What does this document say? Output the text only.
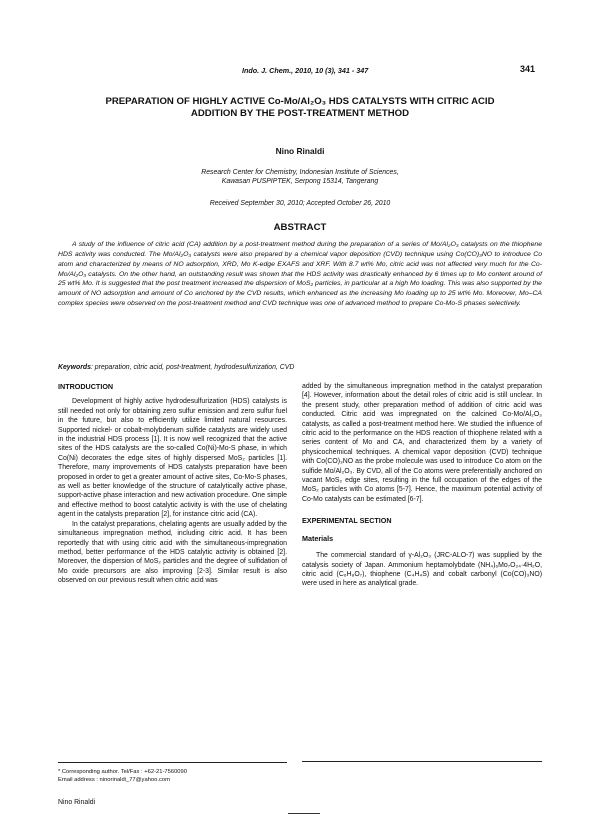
Indo. J. Chem., 2010, 10 (3), 341 - 347	341
PREPARATION OF HIGHLY ACTIVE Co-Mo/Al₂O₃ HDS CATALYSTS WITH CITRIC ACID
ADDITION BY THE POST-TREATMENT METHOD
Nino Rinaldi
Research Center for Chemistry, Indonesian Institute of Sciences,
Kawasan PUSPIPTEK, Serpong 15314, Tangerang
Received September 30, 2010; Accepted October 26, 2010
ABSTRACT

A study of the influence of citric acid (CA) addition by a post-treatment method during the preparation of a series of Mo/Al₂O₃ catalysts on the thiophene HDS activity was conducted. The Mo/Al₂O₃ catalysts were also prepared by a chemical vapor deposition (CVD) technique using Co(CO)₃NO to introduce Co atom and characterized by means of NO adsorption, XRD, Mo K-edge EXAFS and XRF. With 8.7 wt% Mo, citric acid was not affected very much for the Co-Mo/Al₂O₃ catalysts. On the other hand, an outstanding result was shown that the HDS activity was drastically enhanced by 6 times up to Mo content around of 25 wt% Mo. It is suggested that the post treatment increased the dispersion of MoS₂ particles, in particular at a high Mo loading. This was also supported by the amount of NO adsorption and amount of Co anchored by the CVD results, which enhanced as the increasing Mo loading up to 25 wt% Mo. Moreover, Mo–CA complex species were observed on the post-treatment method and CVD technique was one of advanced method to prepare Co-Mo-S phases selectively.

Keywords: preparation, citric acid, post-treatment, hydrodesulfurization, CVD
INTRODUCTION

Development of highly active hydrodesulfurization (HDS) catalysts is still needed not only for obtaining zero sulfur emission and zero sulfur fuel in the future, but also to efficiently utilize limited natural resources. Supported nickel- or cobalt-molybdenum sulfide catalysts are widely used in the industrial HDS process [1]. It is now well recognized that the active sites of the HDS catalysts are the so-called Co(Ni)-Mo-S phase, in which Co(Ni) decorates the edge sites of highly dispersed MoS₂ particles [1]. Therefore, many improvements of HDS catalysts preparation have been proposed in order to get a greater amount of active sites, Co-Mo-S phases, as well as better knowledge of the structure of catalytically active phase, support-active phase interaction and new activation procedure. One simple and effective method to boost catalytic activity is with the use of chelating agent in the catalysts preparation [2], for instance citric acid (CA).

In the catalyst preparations, chelating agents are usually added by the simultaneous impregnation method, including citric acid. It has been reportedly that with using citric acid with the simultaneous-impregnation method, better performance of the HDS catalytic activity is obtained [2]. Moreover, the dispersion of MoS₂ particles and the degree of sulfidation of Mo oxide precursors are also improving [2-3]. Similar result is also observed on our previous result when citric acid was

added by the simultaneous impregnation method in the catalyst preparation [4]. However, information about the detail roles of citric acid is still unclear. In the present study, other preparation method of addition of citric acid was conducted. Citric acid was impregnated on the calcined Co-Mo/Al₂O₃ catalysts, as called a post-treatment method here. We studied the influence of citric acid to the performance on the HDS reaction of thiophene related with a series content of Mo and CA, and characterized them by a variety of physicochemical techniques. A chemical vapor deposition (CVD) technique with Co(CO)₃NO as the probe molecule was used to introduce Co atom on the sulfide Mo/Al₂O₃. By CVD, all of the Co atoms were preferentially anchored on vacant MoS₂ edge sites, resulting in the full occupation of the edges of the MoS₂ particles with Co atoms [5-7]. Hence, the maximum potential activity of Co-Mo catalysts can be estimated [6-7].

EXPERIMENTAL SECTION
Materials

The commercial standard of γ-Al₂O₃ (JRC-ALO-7) was supplied by the catalysis society of Japan. Ammonium heptamolybdate (NH₄)₆Mo₇O₂₄·4H₂O, citric acid (C₆H₈O₇), thiophene (C₄H₄S) and cobalt carbonyl (Co(CO)₃NO) were used in here as analytical grade.

* Corresponding author. Tel/Fax : +62-21-7560090
Email address : ninorinaldi_77@yahoo.com
Nino Rinaldi
